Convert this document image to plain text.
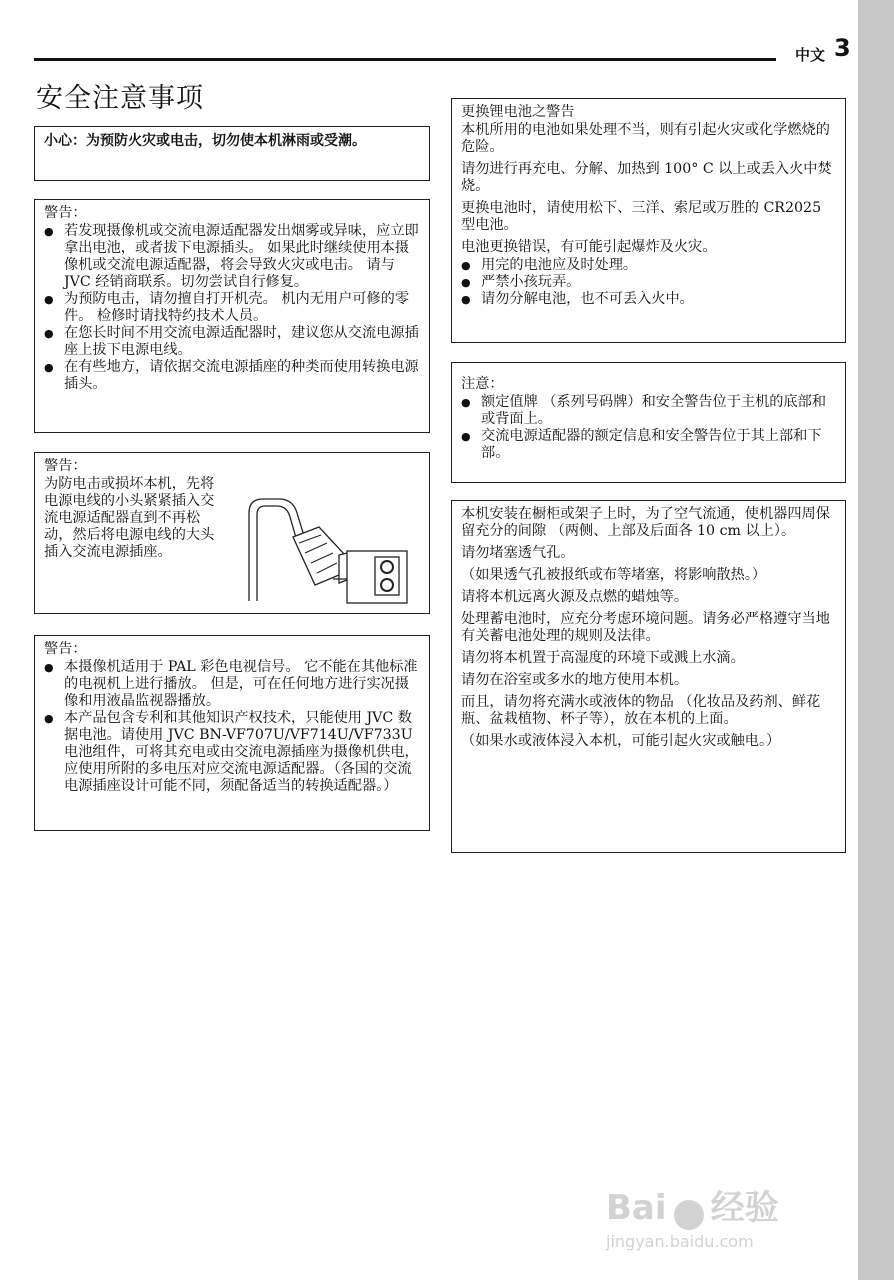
中文 3
安全注意事项
小心：为预防火灾或电击，切勿使本机淋雨或受潮。

警告：

● 若发现摄像机或交流电源适配器发出烟雾或异味，应立即拿出电池，或者拔下电源插头。 如果此时继续使用本摄像机或交流电源适配器，将会导致火灾或电击。 请与 JVC 经销商联系。切勿尝试自行修复。
● 为预防电击，请勿擅自打开机壳。 机内无用户可修的零件。 检修时请找特约技术人员。
● 在您长时间不用交流电源适配器时，建议您从交流电源插座上拔下电源电线。
● 在有些地方，请依据交流电源插座的种类而使用转换电源插头。

警告：

为防电击或损坏本机，先将电源电线的小头紧紧插入交流电源适配器直到不再松动，然后将电源电线的大头插入交流电源插座。

警告：

● 本摄像机适用于 PAL 彩色电视信号。 它不能在其他标准的电视机上进行播放。 但是，可在任何地方进行实况摄像和用液晶监视器播放。
● 本产品包含专利和其他知识产权技术，只能使用 JVC 数据电池。请使用 JVC BN-VF707U/VF714U/VF733U 电池组件，可将其充电或由交流电源插座为摄像机供电，应使用所附的多电压对应交流电源适配器。（各国的交流电源插座设计可能不同，须配备适当的转换适配器。）

更换锂电池之警告

本机所用的电池如果处理不当，则有引起火灾或化学燃烧的危险。

请勿进行再充电、分解、加热到 100° C 以上或丢入火中焚烧。

更换电池时，请使用松下、三洋、索尼或万胜的 CR2025 型电池。

电池更换错误，有可能引起爆炸及火灾。

● 用完的电池应及时处理。
● 严禁小孩玩弄。
● 请勿分解电池，也不可丢入火中。

注意：

● 额定值牌 （系列号码牌）和安全警告位于主机的底部和或背面上。
● 交流电源适配器的额定信息和安全警告位于其上部和下部。

本机安装在橱柜或架子上时，为了空气流通，使机器四周保留充分的间隙 （两侧、上部及后面各 10 cm 以上）。

请勿堵塞透气孔。

（如果透气孔被报纸或布等堵塞，将影响散热。）

请将本机远离火源及点燃的蜡烛等。

处理蓄电池时，应充分考虑环境问题。请务必严格遵守当地有关蓄电池处理的规则及法律。

请勿将本机置于高湿度的环境下或溅上水滴。

请勿在浴室或多水的地方使用本机。

而且，请勿将充满水或液体的物品 （化妆品及药剂、鲜花瓶、盆栽植物、杯子等），放在本机的上面。

（如果水或液体浸入本机，可能引起火灾或触电。）

Bai 经验
jingyan.baidu.com
